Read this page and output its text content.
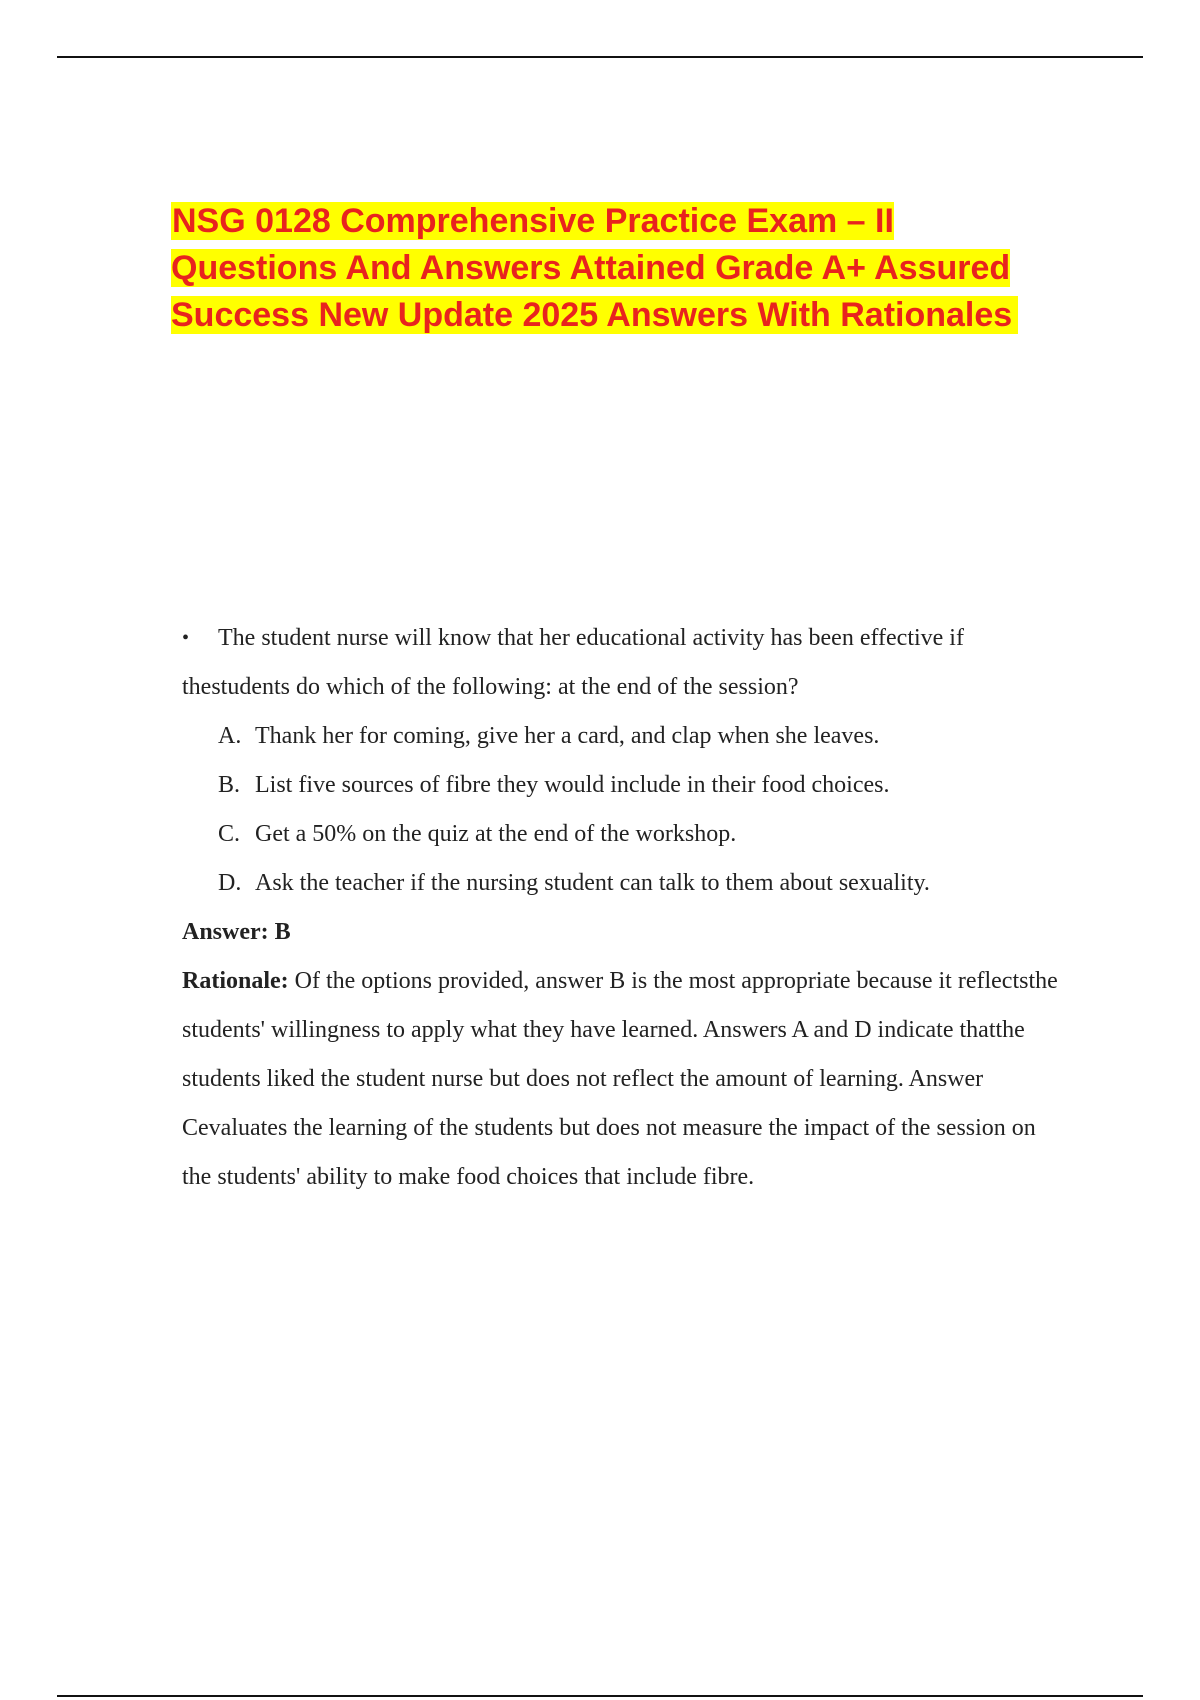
NSG 0128 Comprehensive Practice Exam – II Questions And Answers Attained Grade A+ Assured Success New Update 2025 Answers With Rationales

•	The student nurse will know that her educational activity has been effective if thestudents do which of the following: at the end of the session?

A. Thank her for coming, give her a card, and clap when she leaves.
B. List five sources of fibre they would include in their food choices.
C. Get a 50% on the quiz at the end of the workshop.
D. Ask the teacher if the nursing student can talk to them about sexuality.

Answer: B

Rationale: Of the options provided, answer B is the most appropriate because it reflectsthe students' willingness to apply what they have learned. Answers A and D indicate thatthe students liked the student nurse but does not reflect the amount of learning. Answer Cevaluates the learning of the students but does not measure the impact of the session on the students' ability to make food choices that include fibre.
